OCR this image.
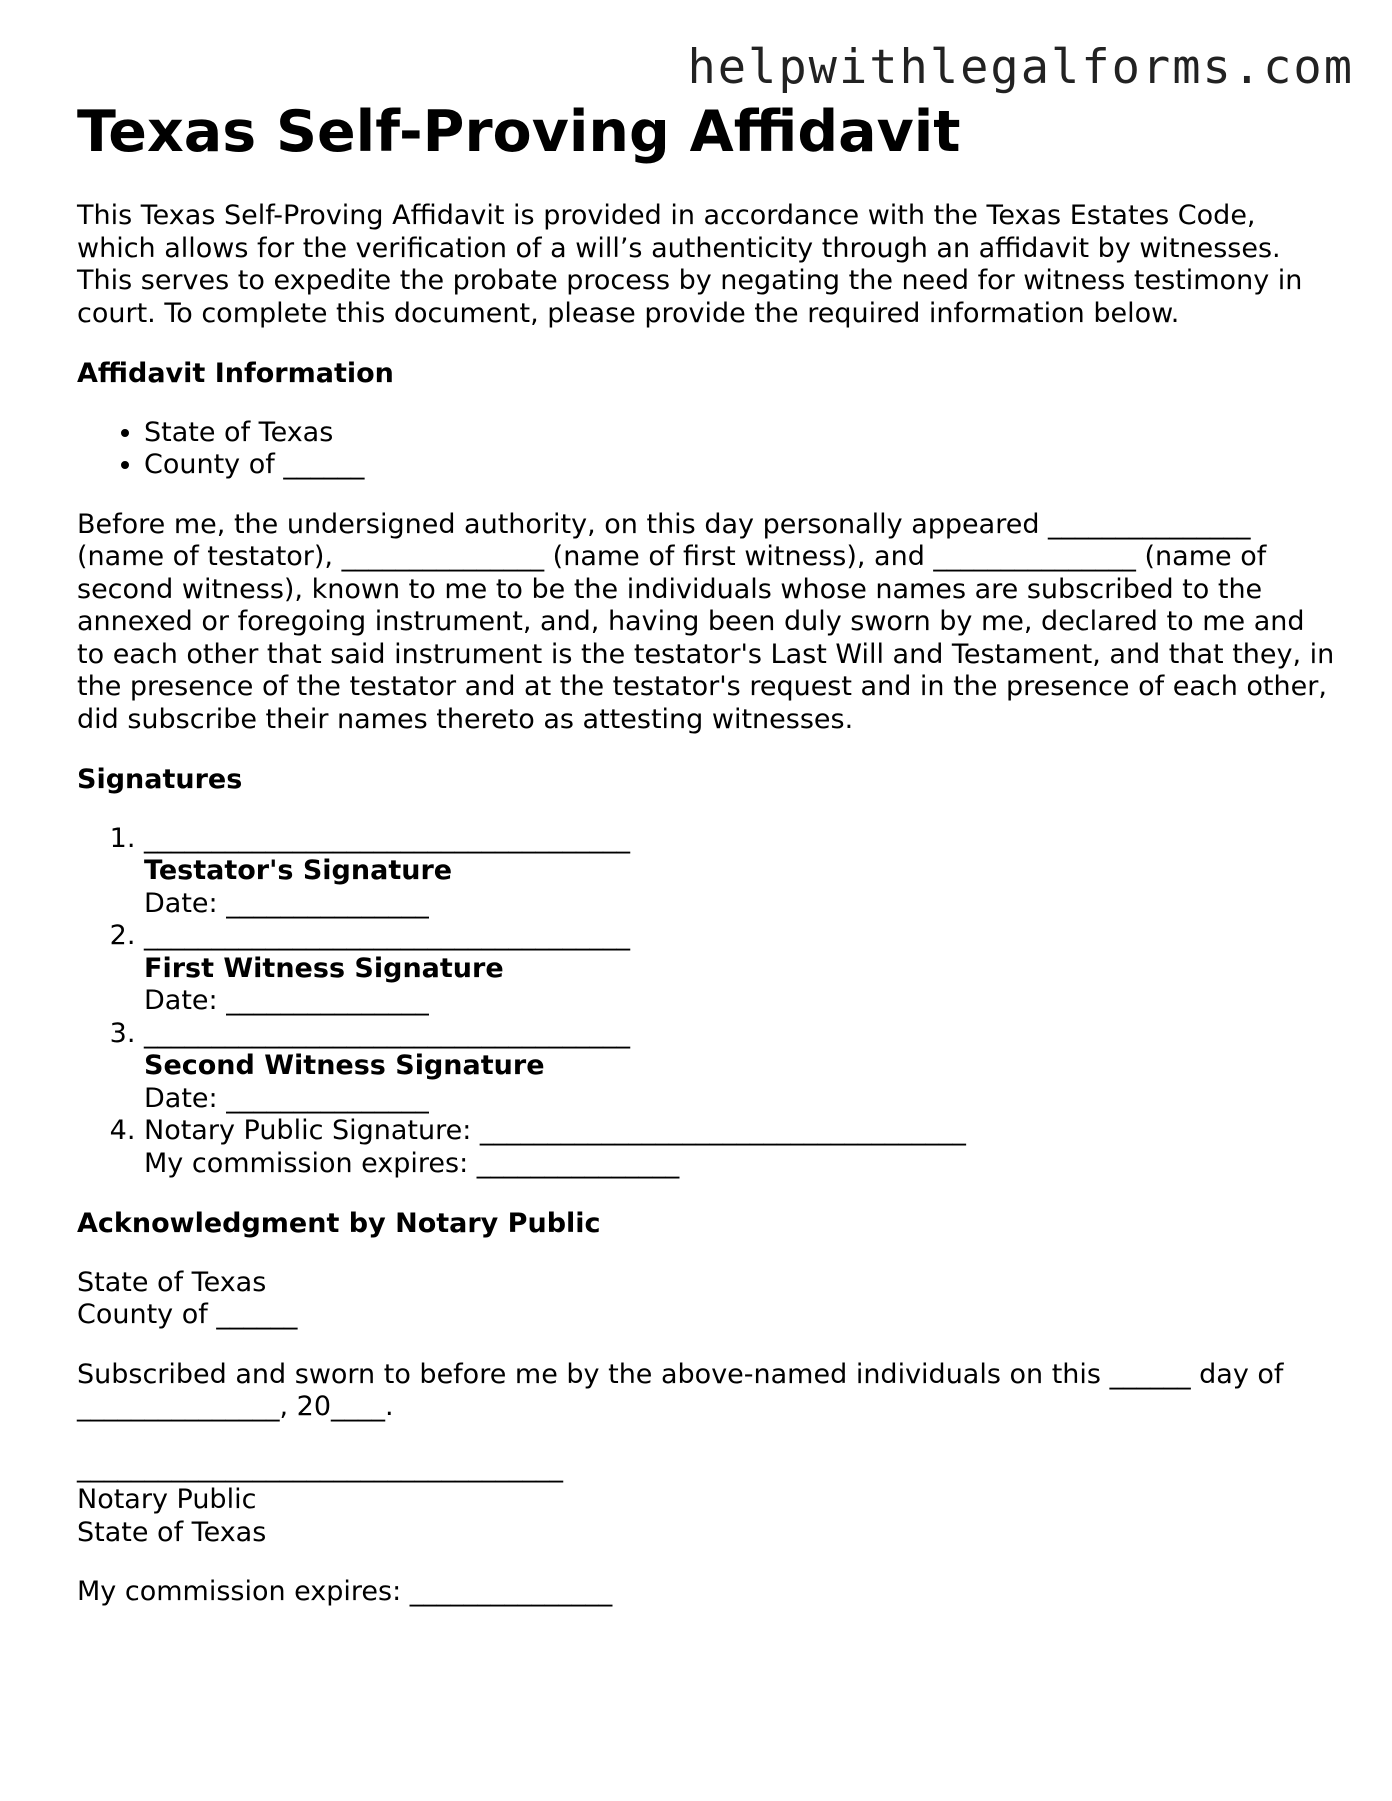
helpwithlegalforms.com
Texas Self-Proving Affidavit

This Texas Self-Proving Affidavit is provided in accordance with the Texas Estates Code, which allows for the verification of a will’s authenticity through an affidavit by witnesses. This serves to expedite the probate process by negating the need for witness testimony in court. To complete this document, please provide the required information below.

Affidavit Information
• State of Texas
• County of ______

Before me, the undersigned authority, on this day personally appeared _______________ (name of testator), _______________ (name of first witness), and _______________ (name of second witness), known to me to be the individuals whose names are subscribed to the annexed or foregoing instrument, and, having been duly sworn by me, declared to me and to each other that said instrument is the testator's Last Will and Testament, and that they, in the presence of the testator and at the testator's request and in the presence of each other, did subscribe their names thereto as attesting witnesses.

Signatures
1. ____________________________________
Testator's Signature
Date: _______________
2. ____________________________________
First Witness Signature
Date: _______________
3. ____________________________________
Second Witness Signature
Date: _______________
4. Notary Public Signature: ____________________________________
My commission expires: _______________
Acknowledgment by Notary Public
State of Texas
County of ______

Subscribed and sworn to before me by the above-named individuals on this ______ day of _______________, 20____.

____________________________________
Notary Public
State of Texas

My commission expires: _______________
